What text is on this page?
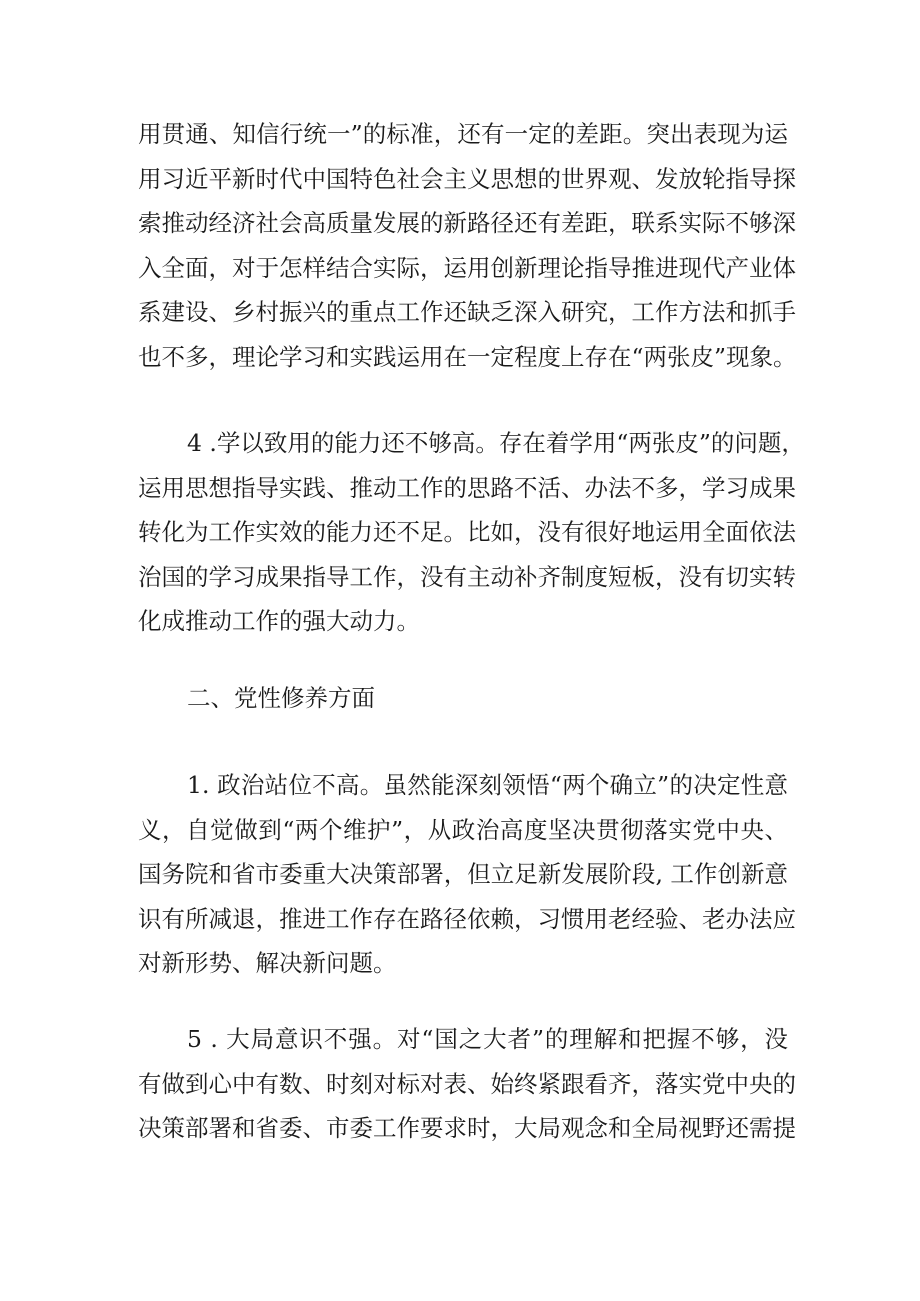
用贯通、知信行统一”的标准，还有一定的差距。突出表现为运
用习近平新时代中国特色社会主义思想的世界观、发放轮指导探
索推动经济社会高质量发展的新路径还有差距，联系实际不够深
入全面，对于怎样结合实际，运用创新理论指导推进现代产业体
系建设、乡村振兴的重点工作还缺乏深入研究，工作方法和抓手
也不多，理论学习和实践运用在一定程度上存在“两张皮”现象。

4 .学以致用的能力还不够高。存在着学用“两张皮”的问题，
运用思想指导实践、推动工作的思路不活、办法不多，学习成果
转化为工作实效的能力还不足。比如，没有很好地运用全面依法
治国的学习成果指导工作，没有主动补齐制度短板，没有切实转
化成推动工作的强大动力。

二、党性修养方面

1. 政治站位不高。虽然能深刻领悟“两个确立”的决定性意
义，自觉做到“两个维护”，从政治高度坚决贯彻落实党中央、
国务院和省市委重大决策部署，但立足新发展阶段, 工作创新意
识有所减退，推进工作存在路径依赖，习惯用老经验、老办法应
对新形势、解决新问题。

5 . 大局意识不强。对“国之大者”的理解和把握不够，没
有做到心中有数、时刻对标对表、始终紧跟看齐，落实党中央的
决策部署和省委、市委工作要求时，大局观念和全局视野还需提
